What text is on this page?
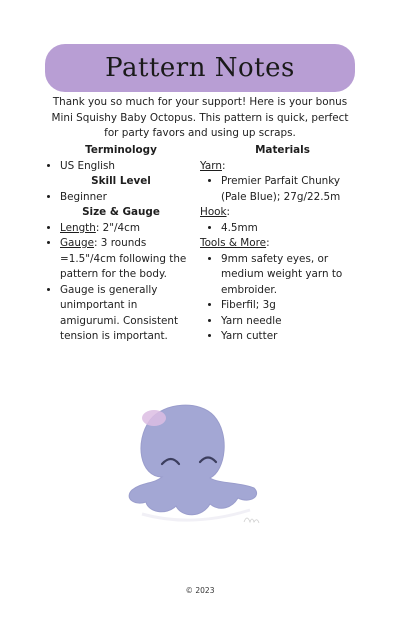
Pattern Notes
Thank you so much for your support! Here is your bonus Mini Squishy Baby Octopus. This pattern is quick, perfect for party favors and using up scraps.

Terminology

• US English

Skill Level

• Beginner

Size & Gauge

• Length: 2"/4cm
• Gauge: 3 rounds =1.5"/4cm following the pattern for the body.
• Gauge is generally unimportant in amigurumi. Consistent tension is important.

Materials

Yarn:

• Premier Parfait Chunky (Pale Blue); 27g/22.5m

Hook:

• 4.5mm

Tools & More:

• 9mm safety eyes, or medium weight yarn to embroider.
• Fiberfil; 3g
• Yarn needle
• Yarn cutter
© 2023
